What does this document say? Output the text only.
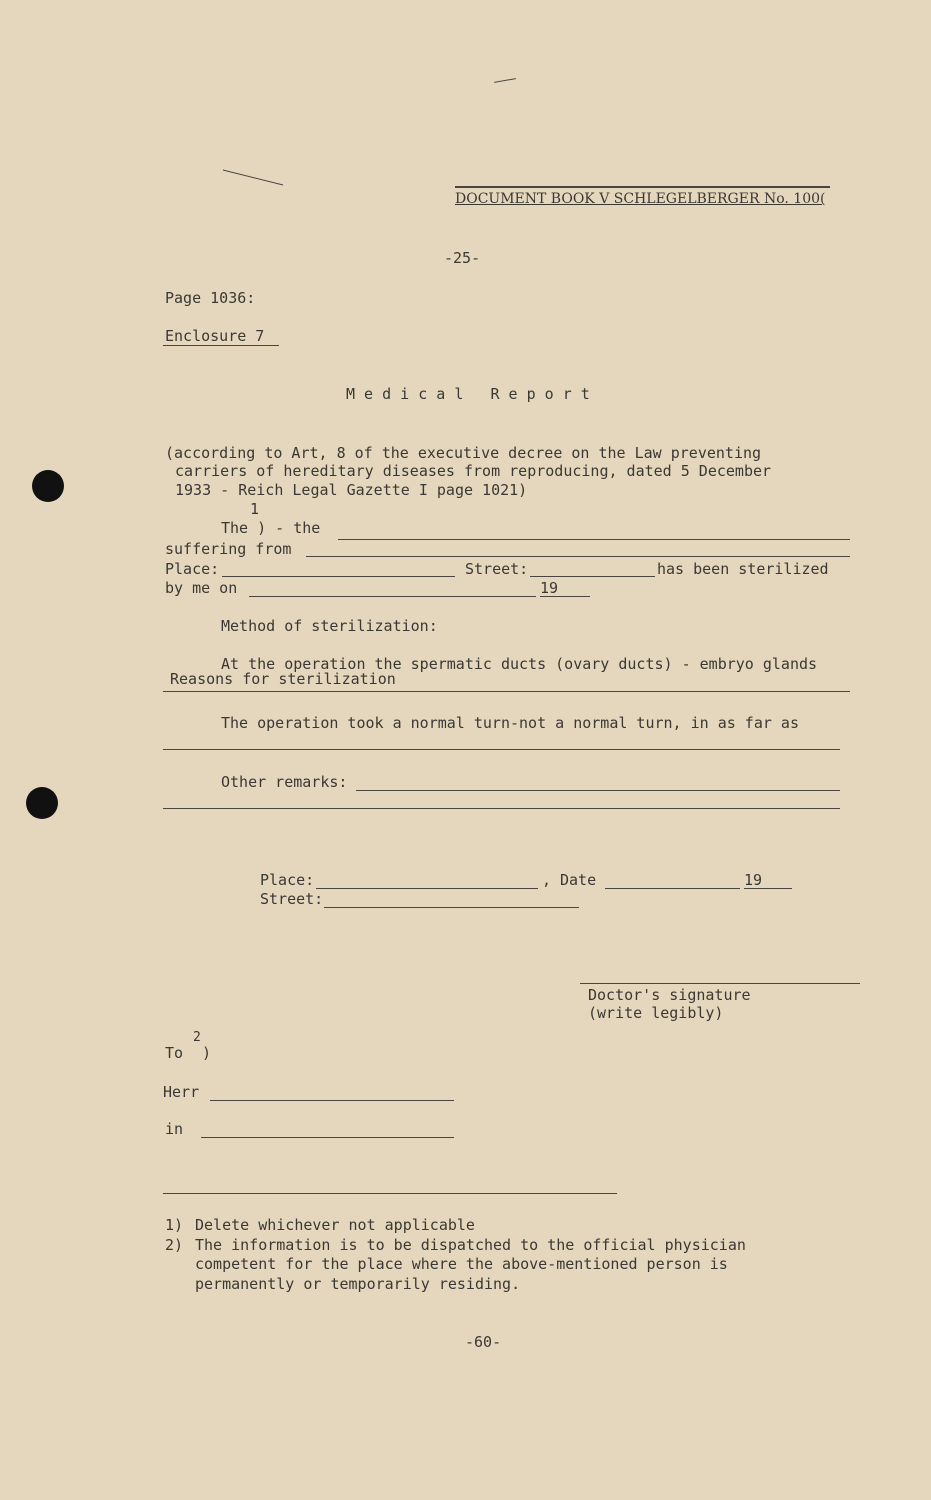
DOCUMENT BOOK V SCHLEGELBERGER No. 100(
-25-
Page 1036:
Enclosure 7
M e d i c a l   R e p o r t
(according to Art, 8 of the executive decree on the Law preventing
carriers of hereditary diseases from reproducing, dated 5 December
1933 - Reich Legal Gazette I page 1021)
1
The ) - the
suffering from
Place:	Street:	has been sterilized
by me on	19
Method of sterilization:
At the operation the spermatic ducts (ovary ducts) - embryo glands
Reasons for sterilization
The operation took a normal turn-not a normal turn, in as far as
Other remarks:
Place:	, Date	19
Street:
Doctor's signature
(write legibly)
To
2
)
Herr
in
1) Delete whichever not applicable
2) The information is to be dispatched to the official physician
competent for the place where the above-mentioned person is
permanently or temporarily residing.
-60-
